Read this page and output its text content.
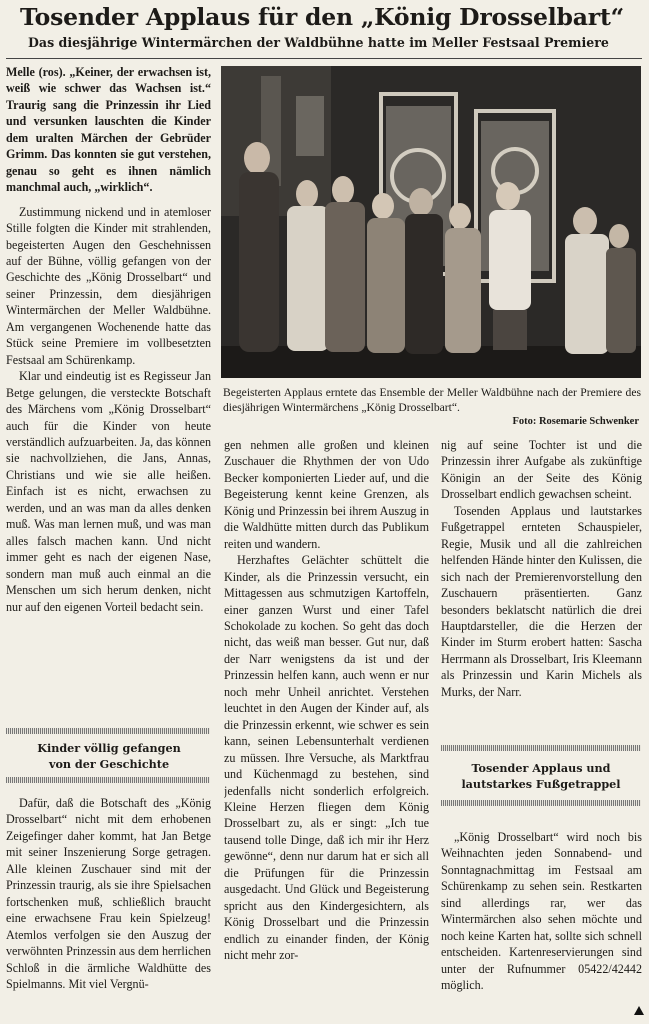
Tosender Applaus für den „König Drosselbart“
Das diesjährige Wintermärchen der Waldbühne hatte im Meller Festsaal Premiere

Melle (ros). „Keiner, der erwachsen ist, weiß wie schwer das Wachsen ist.“ Traurig sang die Prinzessin ihr Lied und versunken lauschten die Kinder dem uralten Märchen der Gebrüder Grimm. Das konnten sie gut verstehen, genau so geht es ihnen nämlich manchmal auch, „wirklich“.

Zustimmung nickend und in atemloser Stille folgten die Kinder mit strahlenden, begeisterten Augen den Geschehnissen auf der Bühne, völlig gefangen von der Geschichte des „König Drosselbart“ und seiner Prinzessin, dem diesjährigen Wintermärchen der Meller Waldbühne. Am vergangenen Wochenende hatte das Stück seine Premiere im vollbesetzten Festsaal am Schürenkamp.

Klar und eindeutig ist es Regisseur Jan Betge gelungen, die versteckte Botschaft des Märchens vom „König Drosselbart“ auch für die Kinder von heute verständlich aufzuarbeiten. Ja, das können sie nachvollziehen, die Jans, Annas, Christians und wie sie alle heißen. Einfach ist es nicht, erwachsen zu werden, und an was man da alles denken muß. Was man lernen muß, und was man alles falsch machen kann. Und nicht immer geht es nach der eigenen Nase, sondern man muß auch einmal an die Menschen um sich herum denken, nicht nur auf den eigenen Vorteil bedacht sein.

Kinder völlig gefangen von der Geschichte

Dafür, daß die Botschaft des „König Drosselbart“ nicht mit dem erhobenen Zeigefinger daher kommt, hat Jan Betge mit seiner Inszenierung Sorge getragen. Alle kleinen Zuschauer sind mit der Prinzessin traurig, als sie ihre Spielsachen fortschenken muß, schließlich braucht eine erwachsene Frau kein Spielzeug! Atemlos verfolgen sie den Auszug der verwöhnten Prinzessin aus dem herrlichen Schloß in die ärmliche Waldhütte des Spielmanns. Mit viel Vergnü-

Begeisterten Applaus erntete das Ensemble der Meller Waldbühne nach der Premiere des diesjährigen Wintermärchens „König Drosselbart“.
Foto: Rosemarie Schwenker

gen nehmen alle großen und kleinen Zuschauer die Rhythmen der von Udo Becker komponierten Lieder auf, und die Begeisterung kennt keine Grenzen, als König und Prinzessin bei ihrem Auszug in die Waldhütte mitten durch das Publikum reiten und wandern.

Herzhaftes Gelächter schüttelt die Kinder, als die Prinzessin versucht, ein Mittagessen aus schmutzigen Kartoffeln, einer ganzen Wurst und einer Tafel Schokolade zu kochen. So geht das doch nicht, das weiß man besser. Gut nur, daß der Narr wenigstens da ist und der Prinzessin helfen kann, auch wenn er nur noch mehr Unheil anrichtet. Verstehen leuchtet in den Augen der Kinder auf, als die Prinzessin erkennt, wie schwer es sein kann, seinen Lebensunterhalt verdienen zu müssen. Ihre Versuche, als Marktfrau und Küchenmagd zu bestehen, sind jedenfalls nicht sonderlich erfolgreich. Kleine Herzen fliegen dem König Drosselbart zu, als er singt: „Ich tue tausend tolle Dinge, daß ich mir ihr Herz gewönne“, denn nur darum hat er sich all die Prüfungen für die Prinzessin ausgedacht. Und Glück und Begeisterung spricht aus den Kindergesichtern, als König Drosselbart und die Prinzessin endlich zu einander finden, der König nicht mehr zor-

nig auf seine Tochter ist und die Prinzessin ihrer Aufgabe als zukünftige Königin an der Seite des König Drosselbart endlich gewachsen scheint.

Tosenden Applaus und lautstarkes Fußgetrappel ernteten Schauspieler, Regie, Musik und all die zahlreichen helfenden Hände hinter den Kulissen, die sich nach der Premierenvorstellung den Zuschauern präsentierten. Ganz besonders beklatscht natürlich die drei Hauptdarsteller, die die Herzen der Kinder im Sturm erobert hatten: Sascha Herrmann als Drosselbart, Iris Kleemann als Prinzessin und Karin Michels als Murks, der Narr.

Tosender Applaus und lautstarkes Fußgetrappel

„König Drosselbart“ wird noch bis Weihnachten jeden Sonnabend- und Sonntagnachmittag im Festsaal am Schürenkamp zu sehen sein. Restkarten sind allerdings rar, wer das Wintermärchen also sehen möchte und noch keine Karten hat, sollte sich schnell entscheiden. Kartenreservierungen sind unter der Rufnummer 05422/42442 möglich.
